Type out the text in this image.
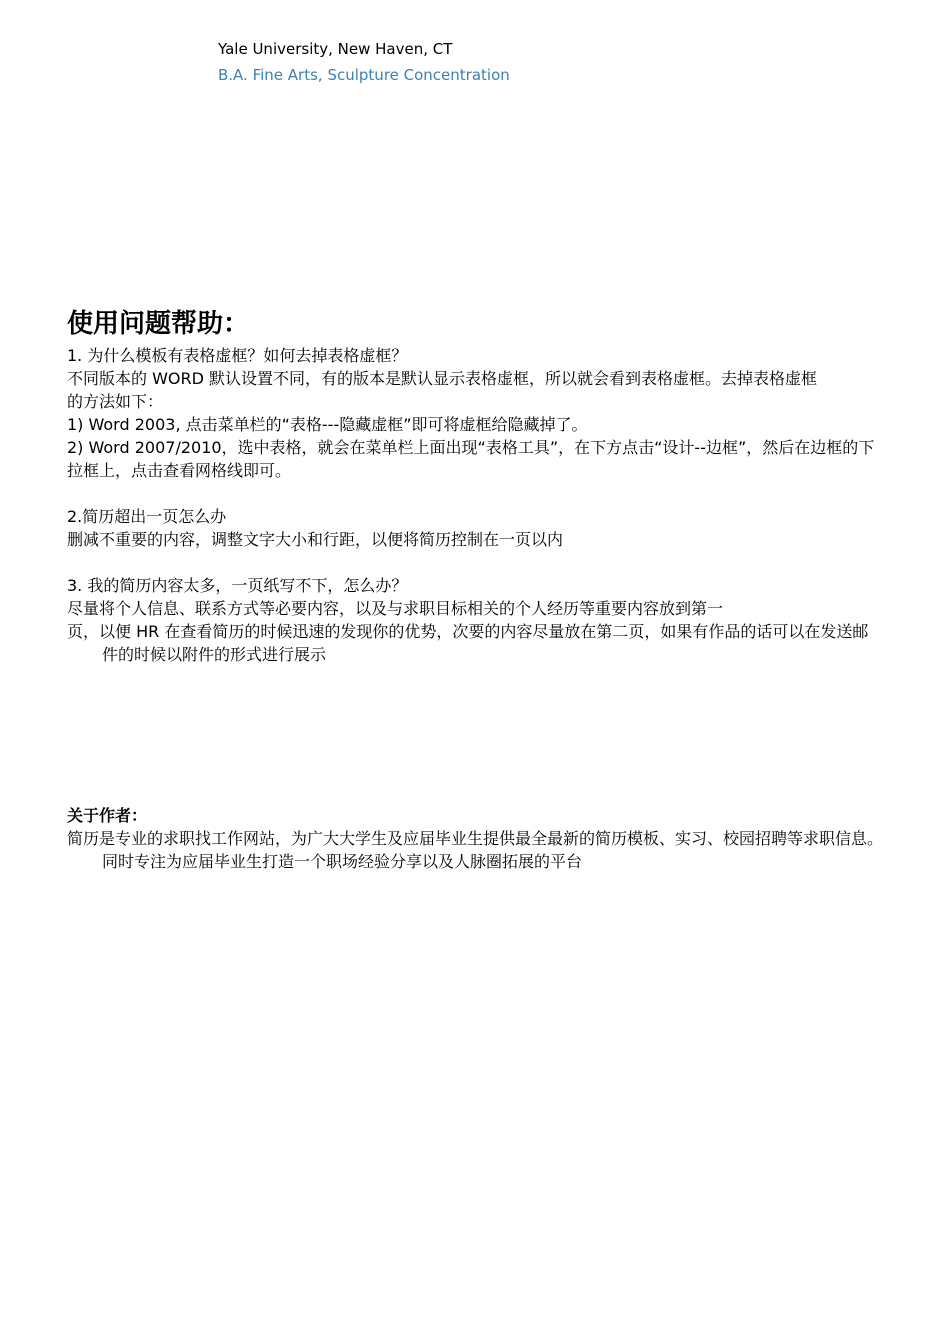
Yale University, New Haven, CT
B.A. Fine Arts, Sculpture Concentration

使用问题帮助：

1. 为什么模板有表格虚框？如何去掉表格虚框？

不同版本的 WORD 默认设置不同，有的版本是默认显示表格虚框，所以就会看到表格虚框。去掉表格虚框

的方法如下：

1) Word 2003, 点击菜单栏的“表格---隐藏虚框”即可将虚框给隐藏掉了。

2) Word 2007/2010，选中表格，就会在菜单栏上面出现“表格工具”，在下方点击“设计--边框”，然后在边框的下拉框上，点击查看网格线即可。

2.简历超出一页怎么办

删减不重要的内容，调整文字大小和行距，以便将简历控制在一页以内

3. 我的简历内容太多，一页纸写不下，怎么办？

尽量将个人信息、联系方式等必要内容，以及与求职目标相关的个人经历等重要内容放到第一

页，以便 HR 在查看简历的时候迅速的发现你的优势，次要的内容尽量放在第二页，如果有作品的话可以在发送邮件的时候以附件的形式进行展示

关于作者：

简历是专业的求职找工作网站，为广大大学生及应届毕业生提供最全最新的简历模板、实习、校园招聘等求职信息。同时专注为应届毕业生打造一个职场经验分享以及人脉圈拓展的平台
